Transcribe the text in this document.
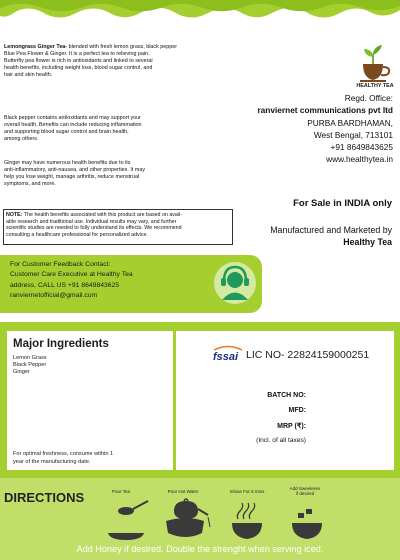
Lemongrass Ginger Tea- blended with fresh lemon grass, black pepper
Blue Pea Flower & Ginger. It is a perfect tea to relieving pain.
Butterfly pea flower is rich in antioxidants and linked to several
health benefits, including weight loss, blood sugar control, and
hair and skin health.
Black pepper contains antioxidants and may support your
overall health. Benefits can include reducing inflammation
and supporting blood sugar control and brain health,
among others.
Ginger may have numerous health benefits due to its
anti-inflammatory, anti-nausea, and other properties. It may
help you lose weight, manage arthritis, reduce menstrual
symptoms, and more.
NOTE: The health benefits associated with this product are based on avail-
able research and traditional use. Individual results may vary, and further
scientific studies are needed to fully understand its effects. We recommend
consulting a healthcare professional for personalized advice.
HEALTHY TEA
Regd. Office:
ranviernet communications pvt ltd
PURBA BARDHAMAN,
West Bengal, 713101
+91 8649843625
www.healthytea.in
For Sale in INDIA only
Manufactured and Marketed by
Healthy Tea
For Customer Feedback Contact:
Customer Care Executive at Healthy Tea
address. CALL US +91 8649843625
ranviernetofficial@gmail.com
Major Ingredients
Lemon Grass
Black Pepper
Ginger
For optimal freshness, consume within 1
year of the manufacturing date.
fssai LIC NO- 22824159000251
BATCH NO:
MFD:
MRP (₹):
(Incl. of all taxes)
DIRECTIONS	Pour Tea	Pour Hot Water	Infuse For 5 mins
Add Sweetener
if desired
Add Honey if desired. Double the strenght when serving iced.
